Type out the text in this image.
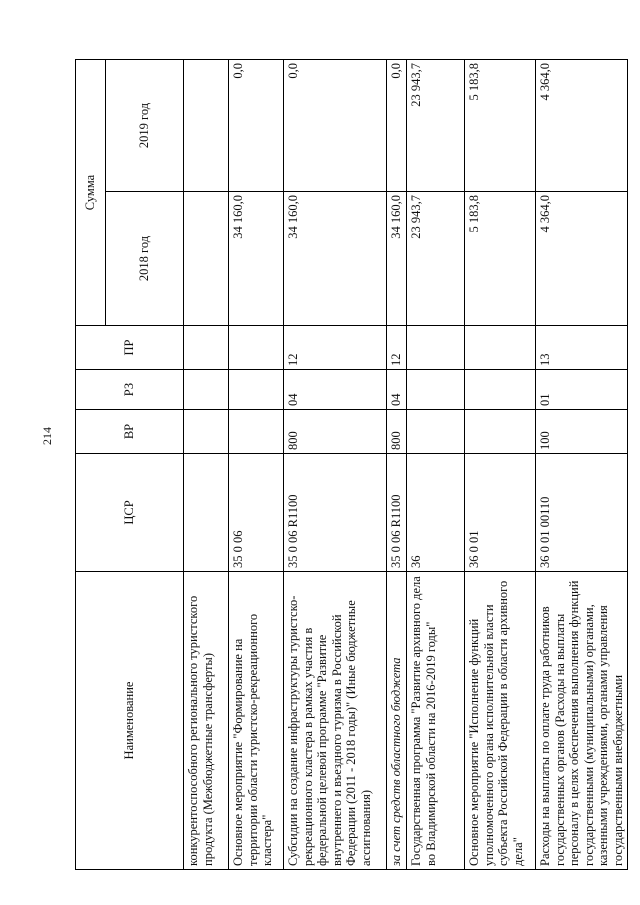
214
Наименование	ЦСР	ВР	РЗ	ПР	Сумма	
					2018 год	2019 год
конкурентоспособного регионального туристского продукта (Межбюджетные трансферты)						
Основное мероприятие "Формирование на территории области туристско-рекреационного кластера"	35 0 06				34 160,0	0,0
Субсидии на создание инфраструктуры туристско-рекреационного кластера в рамках участия в федеральной целевой программе "Развитие внутреннего и въездного туризма в Российской Федерации (2011 - 2018 годы)" (Иные бюджетные ассигнования)	35 0 06 R1100	800	04	12	34 160,0	0,0
за счет средств областного бюджета	35 0 06 R1100	800	04	12	34 160,0	0,0
Государственная программа "Развитие архивного дела во Владимирской области на 2016-2019 годы"	36				23 943,7	23 943,7
Основное мероприятие "Исполнение функций уполномоченного органа исполнительной власти субъекта Российской Федерации в области архивного дела"	36 0 01				5 183,8	5 183,8
Расходы на выплаты по оплате труда работников государственных органов (Расходы на выплаты персоналу в целях обеспечения выполнения функций государственными (муниципальными) органами, казенными учреждениями, органами управления государственными внебюджетными	36 0 01 00110	100	01	13	4 364,0	4 364,0
